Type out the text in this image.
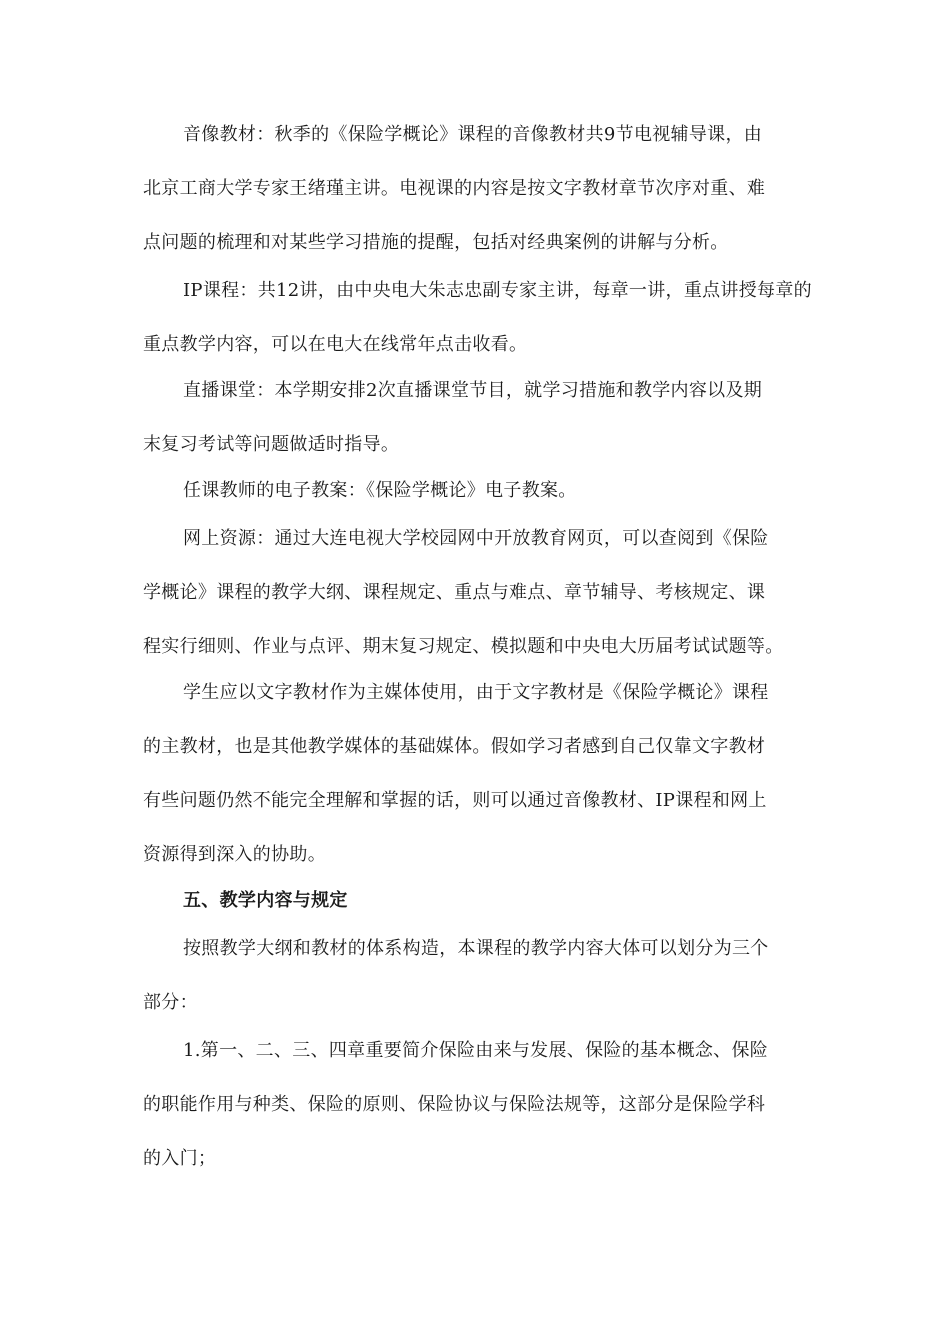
音像教材：秋季的《保险学概论》课程的音像教材共9节电视辅导课，由
北京工商大学专家王绪瑾主讲。电视课的内容是按文字教材章节次序对重、难
点问题的梳理和对某些学习措施的提醒，包括对经典案例的讲解与分析。
IP课程：共12讲，由中央电大朱志忠副专家主讲，每章一讲，重点讲授每章的
重点教学内容，可以在电大在线常年点击收看。
直播课堂：本学期安排2次直播课堂节目，就学习措施和教学内容以及期
末复习考试等问题做适时指导。
任课教师的电子教案：《保险学概论》电子教案。
网上资源：通过大连电视大学校园网中开放教育网页，可以查阅到《保险
学概论》课程的教学大纲、课程规定、重点与难点、章节辅导、考核规定、课
程实行细则、作业与点评、期末复习规定、模拟题和中央电大历届考试试题等。
学生应以文字教材作为主媒体使用，由于文字教材是《保险学概论》课程
的主教材，也是其他教学媒体的基础媒体。假如学习者感到自己仅靠文字教材
有些问题仍然不能完全理解和掌握的话，则可以通过音像教材、IP课程和网上
资源得到深入的协助。
五、教学内容与规定
按照教学大纲和教材的体系构造，本课程的教学内容大体可以划分为三个
部分：
1.第一、二、三、四章重要简介保险由来与发展、保险的基本概念、保险
的职能作用与种类、保险的原则、保险协议与保险法规等，这部分是保险学科
的入门；
